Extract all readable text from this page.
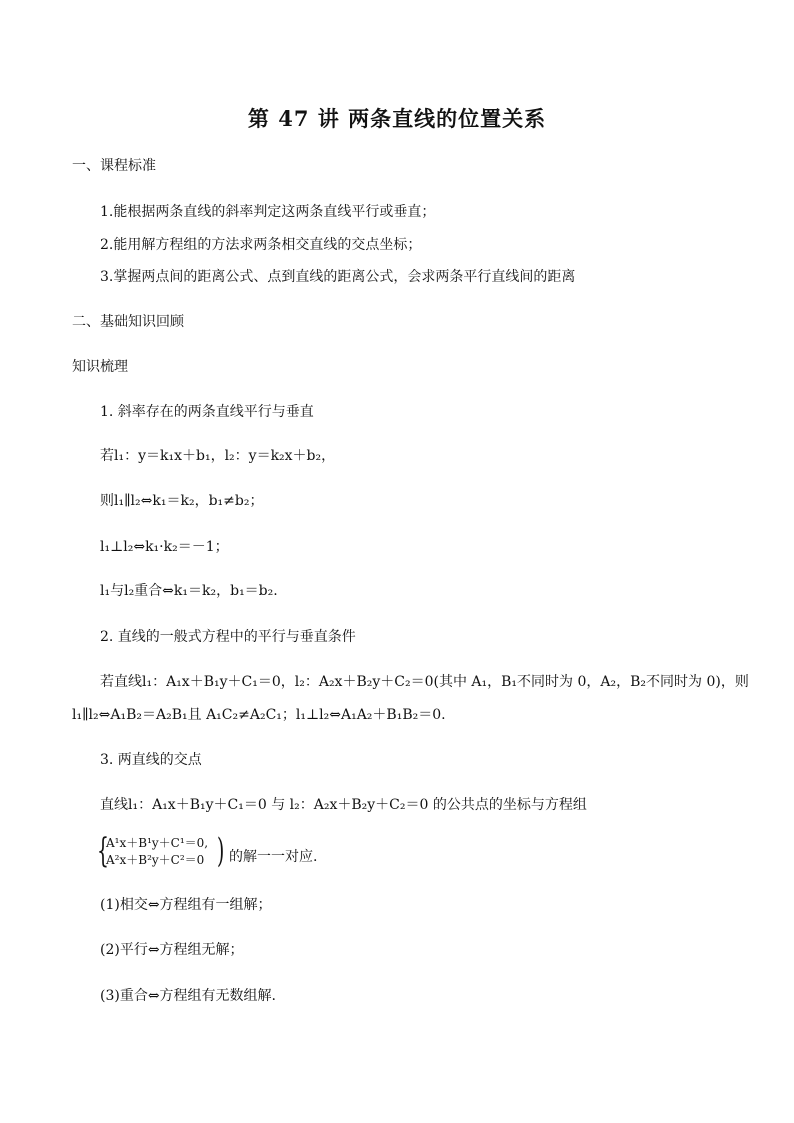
第 47 讲 两条直线的位置关系
一、课程标准
1.能根据两条直线的斜率判定这两条直线平行或垂直；
2.能用解方程组的方法求两条相交直线的交点坐标；
3.掌握两点间的距离公式、点到直线的距离公式，会求两条平行直线间的距离
二、基础知识回顾
知识梳理
1. 斜率存在的两条直线平行与垂直
若l₁：y＝k₁x＋b₁，l₂：y＝k₂x＋b₂，
则l₁∥l₂⇔k₁＝k₂，b₁≠b₂；
l₁⊥l₂⇔k₁·k₂＝－1；
l₁与l₂重合⇔k₁＝k₂，b₁＝b₂.
2. 直线的一般式方程中的平行与垂直条件
若直线l₁：A₁x＋B₁y＋C₁＝0，l₂：A₂x＋B₂y＋C₂＝0(其中 A₁，B₁不同时为 0，A₂，B₂不同时为 0)，则
l₁∥l₂⇔A₁B₂＝A₂B₁且 A₁C₂≠A₂C₁；l₁⊥l₂⇔A₁A₂＋B₁B₂＝0.
3. 两直线的交点
直线l₁：A₁x＋B₁y＋C₁＝0 与 l₂：A₂x＋B₂y＋C₂＝0 的公共点的坐标与方程组
{
A¹x＋B¹y＋C¹＝0,
A²x＋B²y＋C²＝0 ) 的解一一对应.
(1)相交⇔方程组有一组解；
(2)平行⇔方程组无解；
(3)重合⇔方程组有无数组解.
